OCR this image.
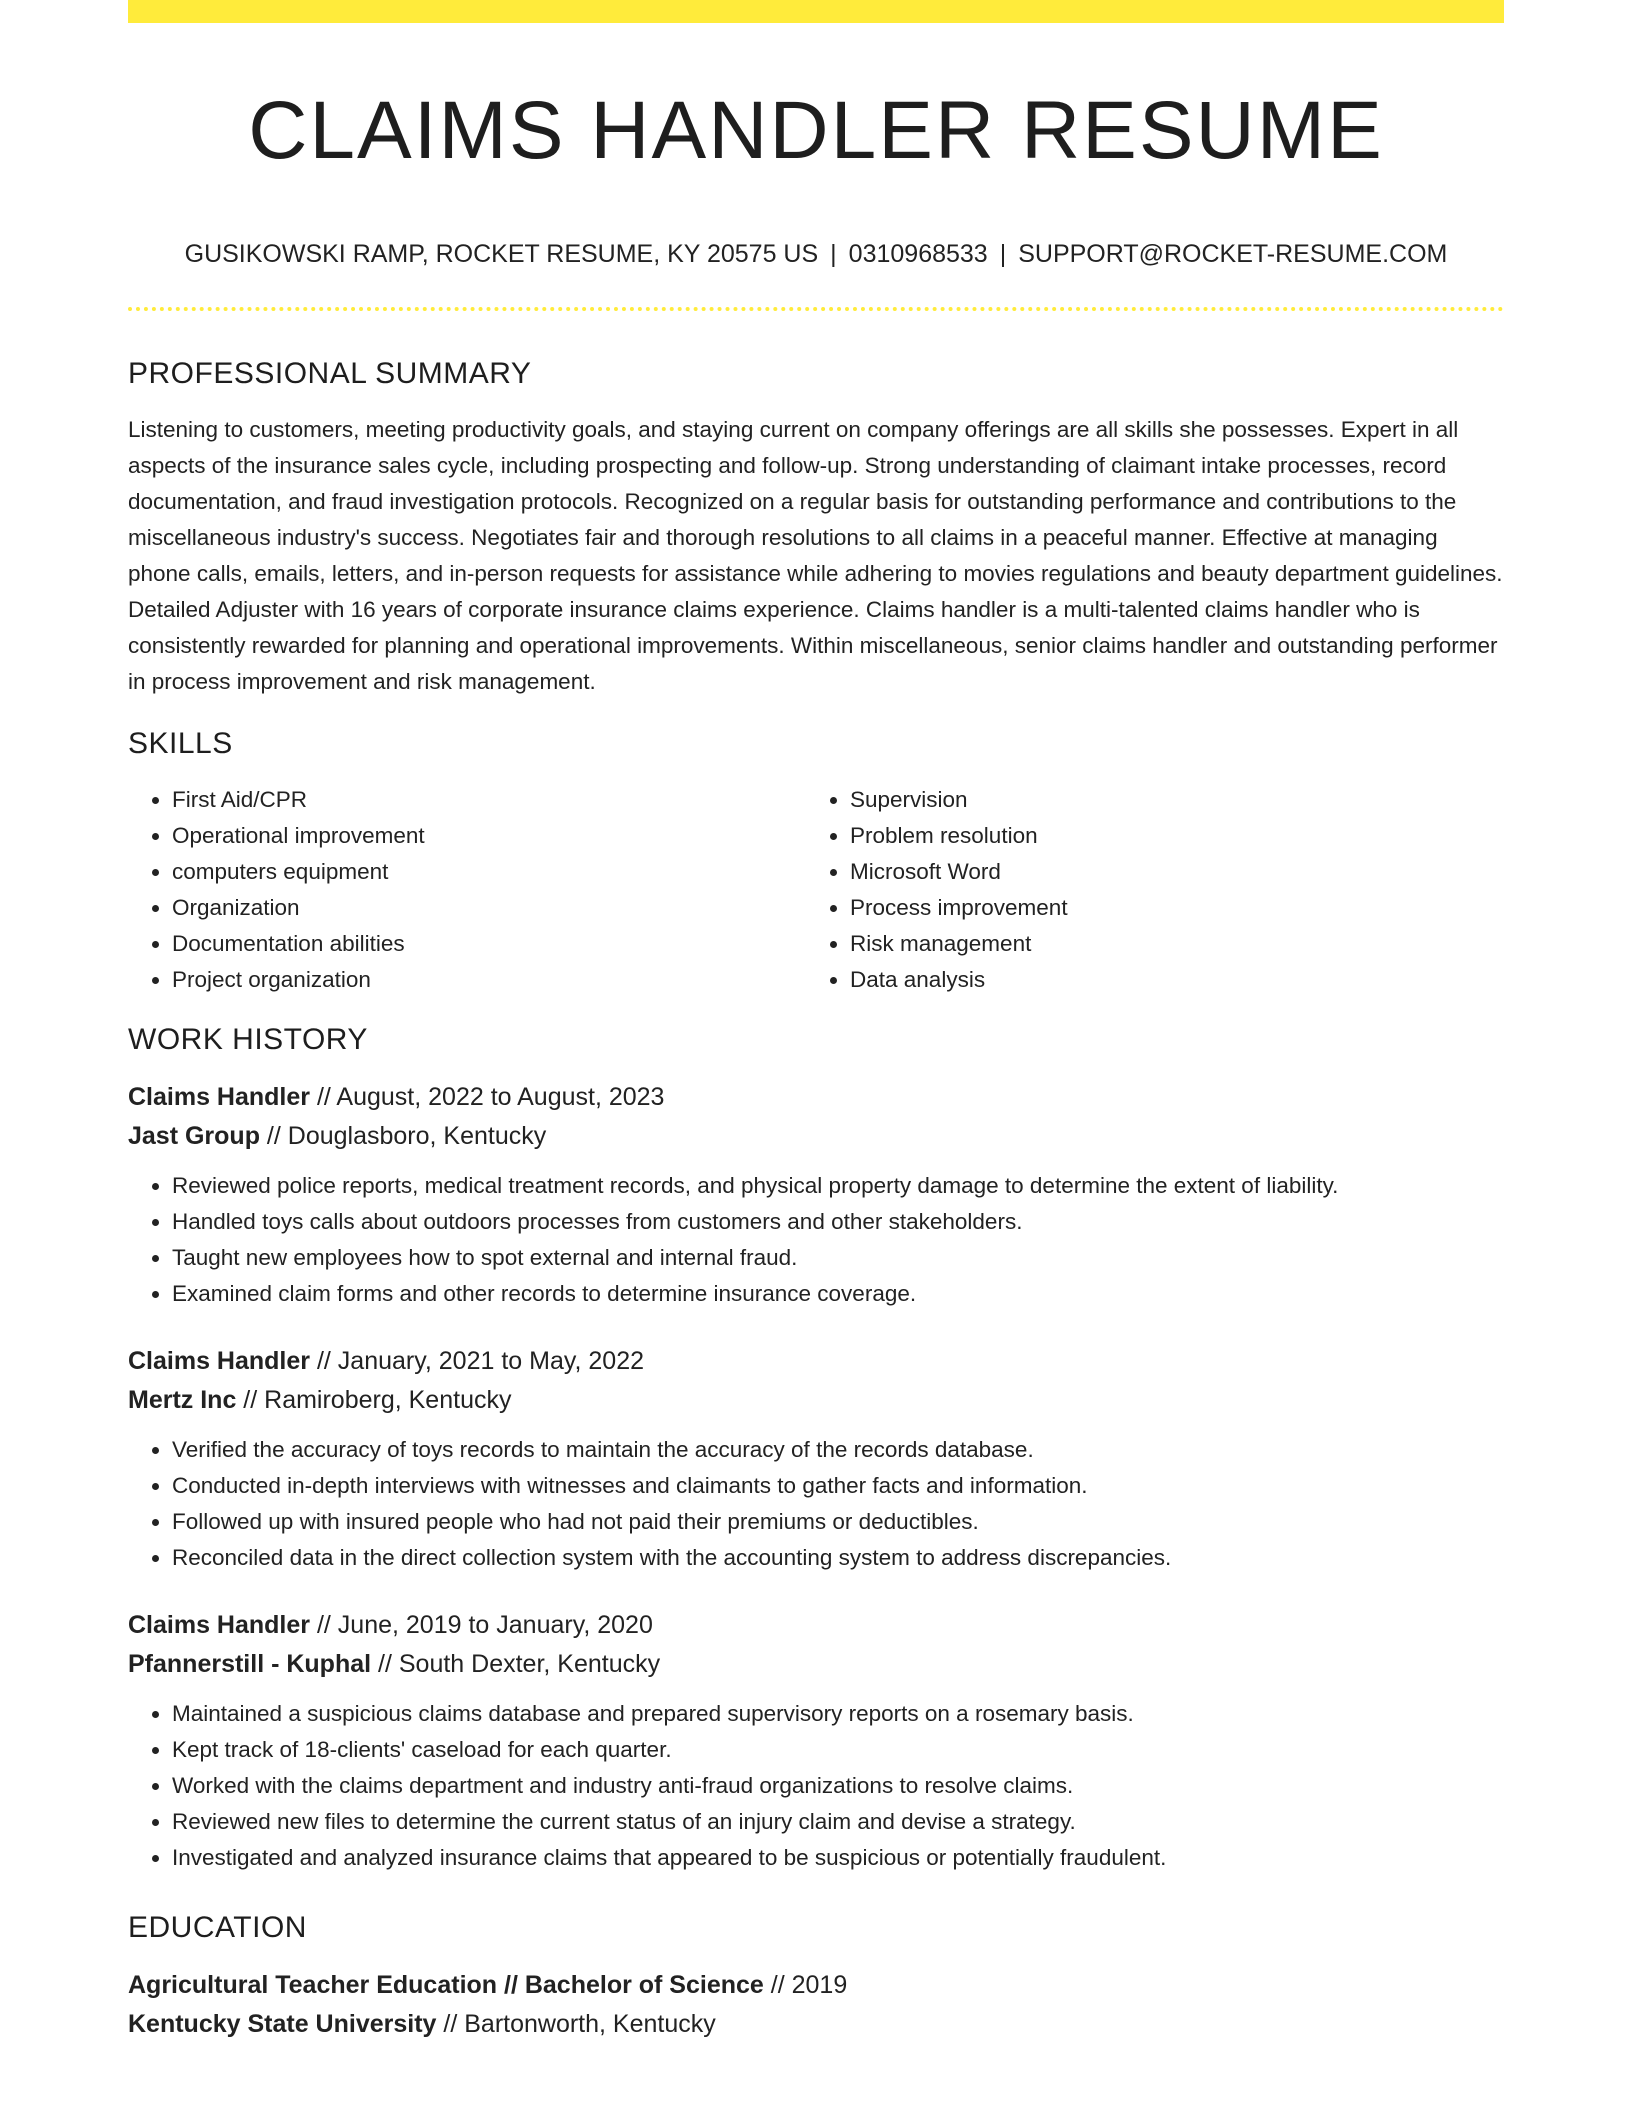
CLAIMS HANDLER RESUME
GUSIKOWSKI RAMP, ROCKET RESUME, KY 20575 US | 0310968533 | SUPPORT@ROCKET-RESUME.COM
PROFESSIONAL SUMMARY

Listening to customers, meeting productivity goals, and staying current on company offerings are all skills she possesses. Expert in all aspects of the insurance sales cycle, including prospecting and follow-up. Strong understanding of claimant intake processes, record documentation, and fraud investigation protocols. Recognized on a regular basis for outstanding performance and contributions to the miscellaneous industry's success. Negotiates fair and thorough resolutions to all claims in a peaceful manner. Effective at managing phone calls, emails, letters, and in-person requests for assistance while adhering to movies regulations and beauty department guidelines. Detailed Adjuster with 16 years of corporate insurance claims experience. Claims handler is a multi-talented claims handler who is consistently rewarded for planning and operational improvements. Within miscellaneous, senior claims handler and outstanding performer in process improvement and risk management.

SKILLS
• First Aid/CPR
• Operational improvement
• computers equipment
• Organization
• Documentation abilities
• Project organization
• Supervision
• Problem resolution
• Microsoft Word
• Process improvement
• Risk management
• Data analysis
WORK HISTORY
Claims Handler // August, 2022 to August, 2023
Jast Group // Douglasboro, Kentucky
• Reviewed police reports, medical treatment records, and physical property damage to determine the extent of liability.
• Handled toys calls about outdoors processes from customers and other stakeholders.
• Taught new employees how to spot external and internal fraud.
• Examined claim forms and other records to determine insurance coverage.
Claims Handler // January, 2021 to May, 2022
Mertz Inc // Ramiroberg, Kentucky
• Verified the accuracy of toys records to maintain the accuracy of the records database.
• Conducted in-depth interviews with witnesses and claimants to gather facts and information.
• Followed up with insured people who had not paid their premiums or deductibles.
• Reconciled data in the direct collection system with the accounting system to address discrepancies.
Claims Handler // June, 2019 to January, 2020
Pfannerstill - Kuphal // South Dexter, Kentucky
• Maintained a suspicious claims database and prepared supervisory reports on a rosemary basis.
• Kept track of 18-clients' caseload for each quarter.
• Worked with the claims department and industry anti-fraud organizations to resolve claims.
• Reviewed new files to determine the current status of an injury claim and devise a strategy.
• Investigated and analyzed insurance claims that appeared to be suspicious or potentially fraudulent.
EDUCATION
Agricultural Teacher Education // Bachelor of Science // 2019
Kentucky State University // Bartonworth, Kentucky
